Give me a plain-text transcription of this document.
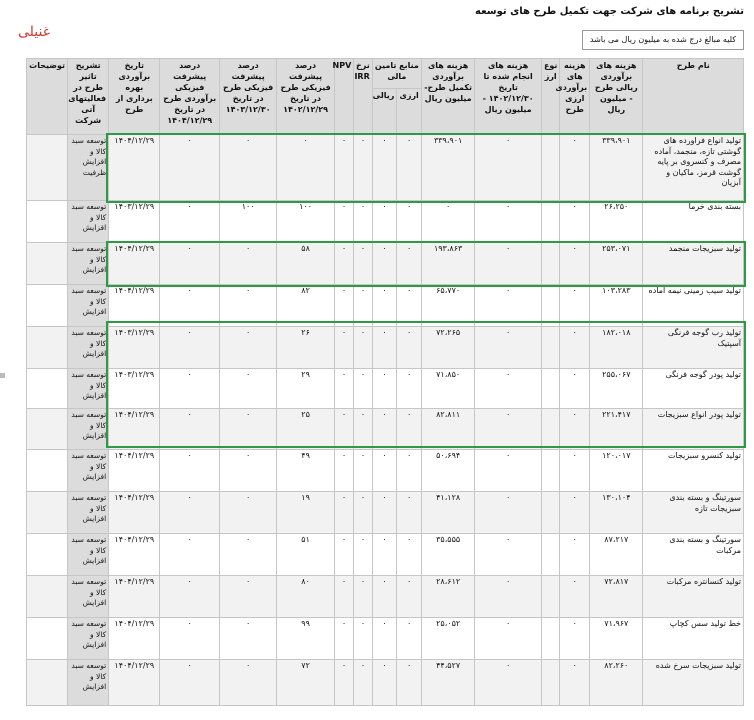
تشریح برنامه های شرکت جهت تکمیل طرح های توسعه
کلیه مبالغ درج شده به میلیون ریال می باشد
غنیلی
نام طرح	هزینه های برآوردی ریالی طرح - میلیون ریال	هزینه های برآوردی ارزی طرح	نوع ارز	هزینه های انجام شده تا تاریخ ۱۴۰۲/۱۲/۳۰ - میلیون ریال	هزینه های برآوردی تکمیل طرح- میلیون ریال	منابع تامین مالی		نرخ IRR	NPV	درصد پیشرفت فیزیکی طرح در تاریخ ۱۴۰۲/۱۲/۲۹	درصد پیشرفت فیزیکی طرح در تاریخ ۱۴۰۳/۱۲/۳۰	درصد پیشرفت فیزیکی برآوردی طرح در تاریخ ۱۴۰۴/۱۲/۲۹	تاریخ برآوردی بهره برداری از طرح	تشریح تاثیر طرح در فعالیتهای آتی شرکت	توضیحات
						ارزی	ریالی								
تولید انواع فراورده های گوشتی تازه، منجمد، آماده مصرف و کنسروی بر پایه گوشت قرمز، ماکیان و آبزیان	۳۳۹،۹۰۱	۰		۰	۳۳۹،۹۰۱	۰	۰	۰	۰	۰	۰	۰	۱۴۰۴/۱۲/۲۹	توسعه سبد کالا و افزایش ظرفیت	
بسته بندی خرما	۲۶،۲۵۰	۰		۰	۰	۰	۰	۰	۰	۱۰۰	۱۰۰	۰	۱۴۰۳/۱۲/۲۹	توسعه سبد کالا و افزایش	
تولید سبزیجات منجمد	۲۵۳،۰۷۱	۰		۰	۱۹۳،۸۶۳	۰	۰	۰	۰	۵۸	۰	۰	۱۴۰۴/۱۲/۲۹	توسعه سبد کالا و افزایش	
تولید سیب زمینی نیمه آماده	۱۰۳،۲۸۳	۰		۰	۶۵،۷۷۰	۰	۰	۰	۰	۸۲	۰	۰	۱۴۰۴/۱۲/۲۹	توسعه سبد کالا و افزایش	
تولید رب گوجه فرنگی آسپتیک	۱۸۲،۰۱۸	۰		۰	۷۲،۲۶۵	۰	۰	۰	۰	۲۶	۰	۰	۱۴۰۳/۱۲/۲۹	توسعه سبد کالا و افزایش	
تولید پودر گوجه فرنگی	۲۵۵،۰۶۷	۰		۰	۷۱،۸۵۰	۰	۰	۰	۰	۲۹	۰	۰	۱۴۰۳/۱۲/۲۹	توسعه سبد کالا و افزایش	
تولید پودر انواع سبزیجات	۲۲۱،۴۱۷	۰		۰	۸۲،۸۱۱	۰	۰	۰	۰	۲۵	۰	۰	۱۴۰۴/۱۲/۲۹	توسعه سبد کالا و افزایش	
تولید کنسرو سبزیجات	۱۲۰،۰۱۷	۰		۰	۵۰،۶۹۴	۰	۰	۰	۰	۴۹	۰	۰	۱۴۰۴/۱۲/۲۹	توسعه سبد کالا و افزایش	
سورتینگ و بسته بندی سبزیجات تازه	۱۳۰،۱۰۴	۰		۰	۴۱،۱۲۸	۰	۰	۰	۰	۱۹	۰	۰	۱۴۰۴/۱۲/۲۹	توسعه سبد کالا و افزایش	
سورتینگ و بسته بندی مرکبات	۸۷،۲۱۷	۰		۰	۳۵،۵۵۵	۰	۰	۰	۰	۵۱	۰	۰	۱۴۰۴/۱۲/۲۹	توسعه سبد کالا و افزایش	
تولید کنسانتره مرکبات	۷۲،۸۱۷	۰		۰	۲۸،۶۱۲	۰	۰	۰	۰	۸۰	۰	۰	۱۴۰۴/۱۲/۲۹	توسعه سبد کالا و افزایش	
خط تولید سس کچاپ	۷۱،۹۶۷	۰		۰	۲۵،۰۵۲	۰	۰	۰	۰	۹۹	۰	۰	۱۴۰۴/۱۲/۲۹	توسعه سبد کالا و افزایش	
تولید سبزیجات سرخ شده	۸۲،۲۶۰	۰		۰	۴۴،۵۲۷	۰	۰	۰	۰	۷۲	۰	۰	۱۴۰۴/۱۲/۲۹	توسعه سبد کالا و افزایش	
